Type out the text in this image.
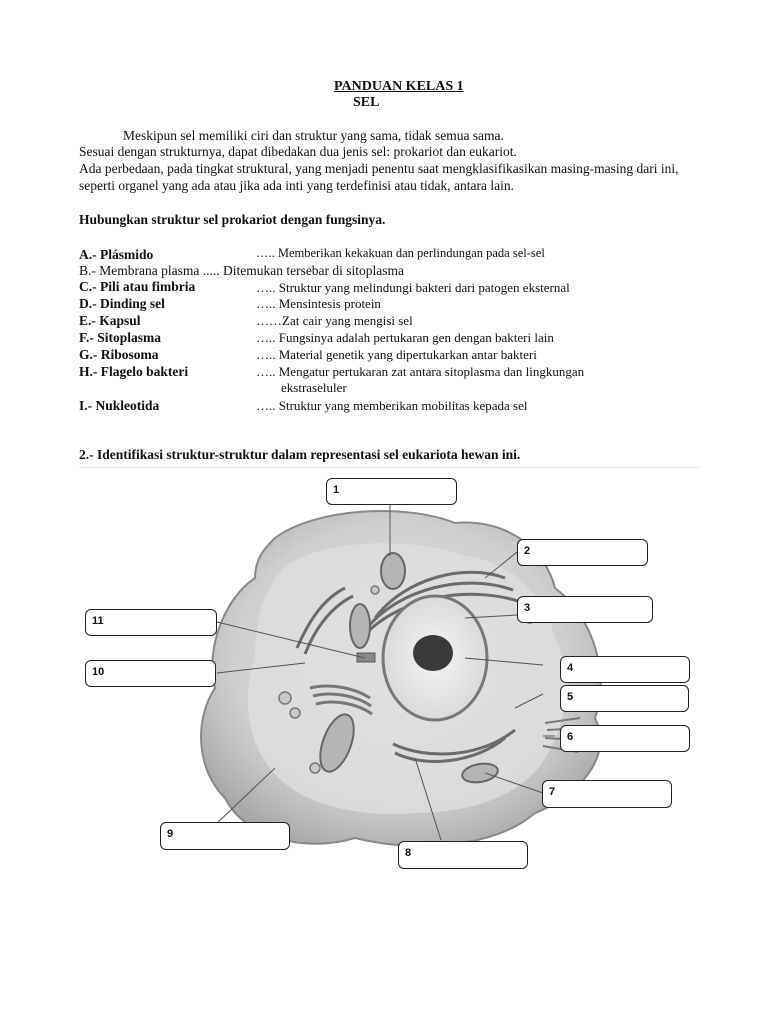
PANDUAN KELAS 1
SEL
Meskipun sel memiliki ciri dan struktur yang sama, tidak semua sama.
Sesuai dengan strukturnya, dapat dibedakan dua jenis sel: prokariot dan eukariot.
Ada perbedaan, pada tingkat struktural, yang menjadi penentu saat mengklasifikasikan masing-masing dari ini,
seperti organel yang ada atau jika ada inti yang terdefinisi atau tidak, antara lain.
Hubungkan struktur sel prokariot dengan fungsinya.
A.- Plásmido	….. Memberikan kekakuan dan perlindungan pada sel-sel
B.- Membrana plasma ..... Ditemukan tersebar di sitoplasma
C.- Pili atau fimbria	….. Struktur yang melindungi bakteri dari patogen eksternal
D.- Dinding sel	….. Mensintesis protein
E.- Kapsul	……Zat cair yang mengisi sel
F.- Sitoplasma	….. Fungsinya adalah pertukaran gen dengan bakteri lain
G.- Ribosoma	….. Material genetik yang dipertukarkan antar bakteri
H.- Flagelo bakteri	….. Mengatur pertukaran zat antara sitoplasma dan lingkungan
ekstraseluler
I.- Nukleotida	….. Struktur yang memberikan mobilitas kepada sel
2.- Identifikasi struktur-struktur dalam representasi sel eukariota hewan ini.
1
2
3
4
5
6
7
8
9
10
11
